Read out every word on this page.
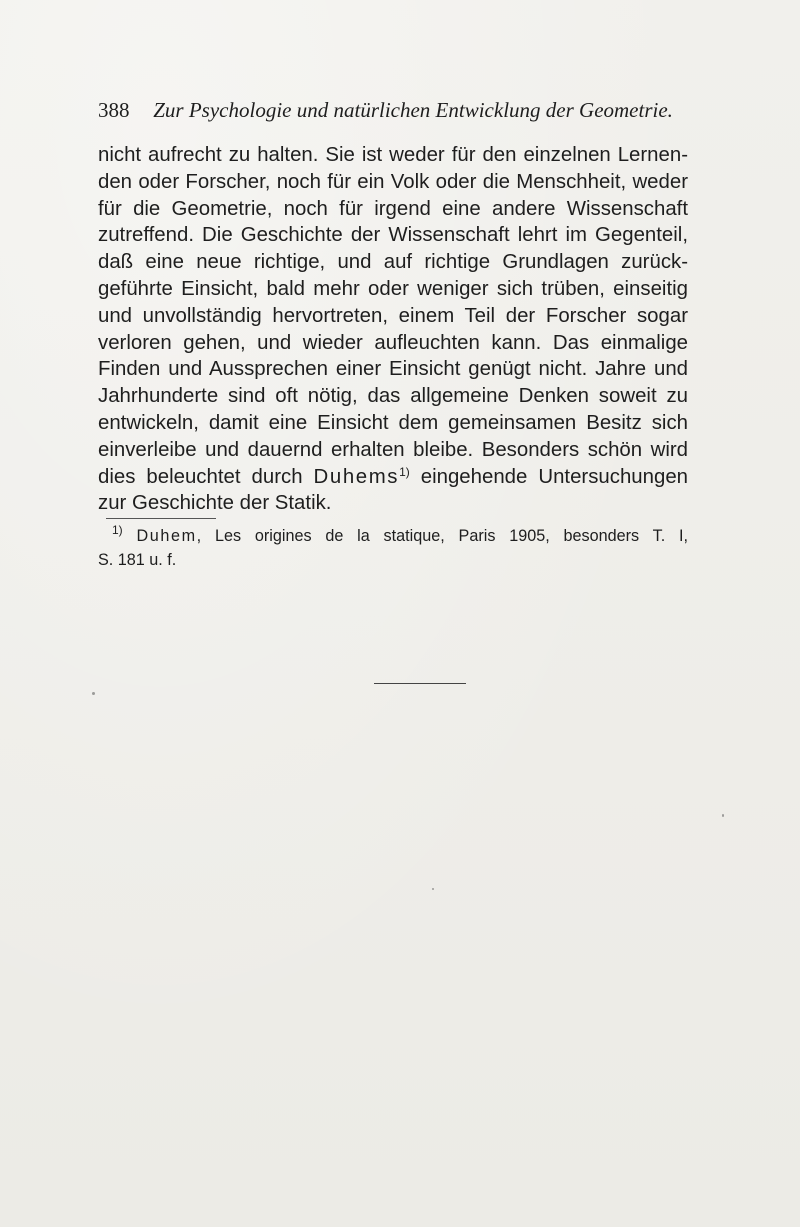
388 Zur Psychologie und natürlichen Entwicklung der Geometrie.
nicht aufrecht zu halten. Sie ist weder für den einzelnen Lernen-
den oder Forscher, noch für ein Volk oder die Menschheit, weder
für die Geometrie, noch für irgend eine andere Wissenschaft
zutreffend. Die Geschichte der Wissenschaft lehrt im Gegenteil,
daß eine neue richtige, und auf richtige Grundlagen zurück-
geführte Einsicht, bald mehr oder weniger sich trüben, einseitig
und unvollständig hervortreten, einem Teil der Forscher sogar
verloren gehen, und wieder aufleuchten kann. Das einmalige
Finden und Aussprechen einer Einsicht genügt nicht. Jahre und
Jahrhunderte sind oft nötig, das allgemeine Denken soweit zu
entwickeln, damit eine Einsicht dem gemeinsamen Besitz sich
einverleibe und dauernd erhalten bleibe. Besonders schön wird
dies beleuchtet durch Duhems$^{1)}$ eingehende Untersuchungen
zur Geschichte der Statik.
$^{1)}$ Duhem, Les origines de la statique, Paris 1905, besonders T. I,
S. 181 u. f.
